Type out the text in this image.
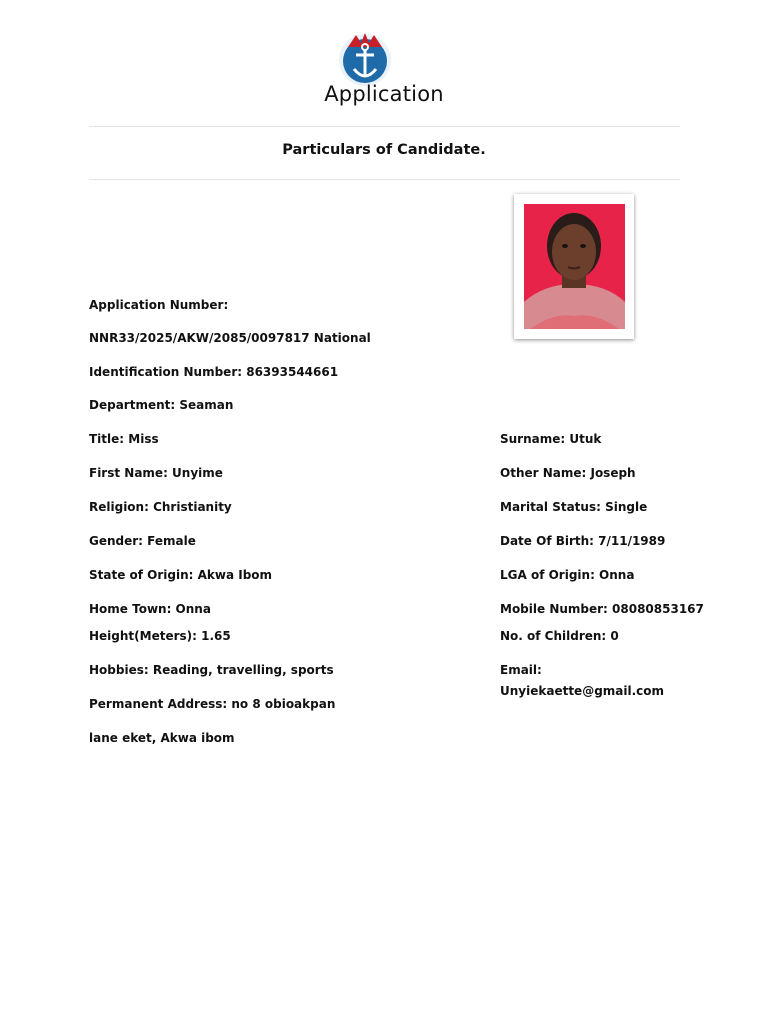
Application
Particulars of Candidate.
Application Number:
NNR33/2025/AKW/2085/0097817 National
Identification Number: 86393544661
Department: Seaman
Title: Miss
First Name: Unyime
Religion: Christianity
Gender: Female
State of Origin: Akwa Ibom
Home Town: Onna
Height(Meters): 1.65
Hobbies: Reading, travelling, sports
Permanent Address: no 8 obioakpan
lane eket, Akwa ibom
Surname: Utuk
Other Name: Joseph
Marital Status: Single
Date Of Birth: 7/11/1989
LGA of Origin: Onna
Mobile Number: 08080853167
No. of Children: 0
Email:
Unyiekaette@gmail.com
